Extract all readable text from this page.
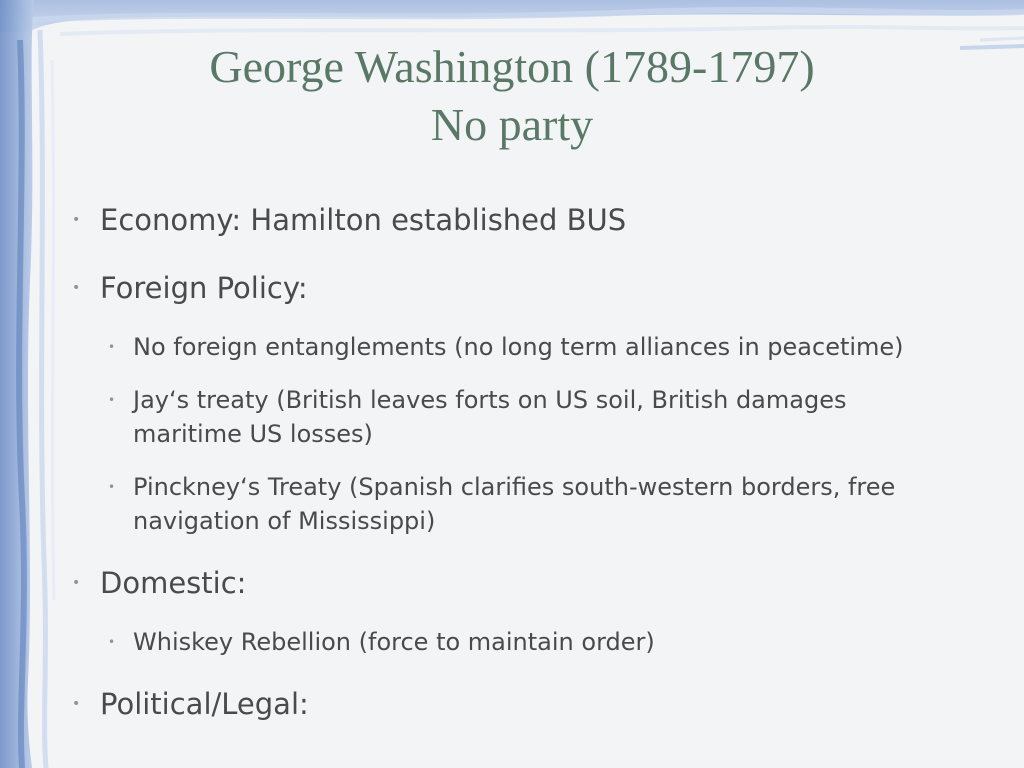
George Washington (1789-1797)
No party
• Economy: Hamilton established BUS
• Foreign Policy:
• No foreign entanglements (no long term alliances in peacetime)
• Jay‘s treaty (British leaves forts on US soil, British damages maritime US losses)
• Pinckney‘s Treaty (Spanish clarifies south-western borders, free navigation of Mississippi)
• Domestic:
• Whiskey Rebellion (force to maintain order)
• Political/Legal:
